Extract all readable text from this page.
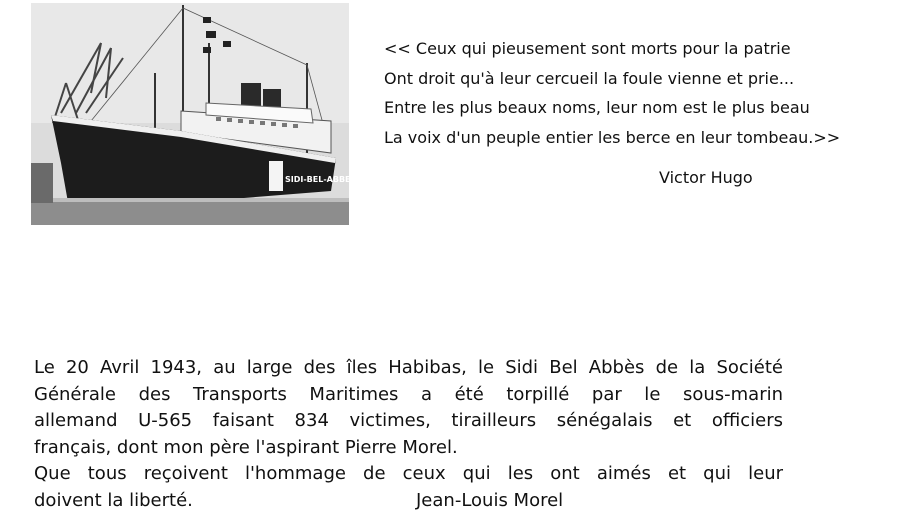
SIDI-BEL-ABBES
<< Ceux qui pieusement sont morts pour la patrie
Ont droit qu'à leur cercueil la foule vienne et prie...
Entre les plus beaux noms, leur nom est le plus beau
La voix d'un peuple entier les berce en leur tombeau.>>
Victor Hugo
Le 20 Avril 1943, au large des îles Habibas, le Sidi Bel Abbès de la Société
Générale des Transports Maritimes a été torpillé par le sous-marin
allemand U-565 faisant 834 victimes, tirailleurs sénégalais et officiers
français, dont mon père l'aspirant Pierre Morel.
Que tous reçoivent l'hommage de ceux qui les ont aimés et qui leur
doivent la liberté.	Jean-Louis Morel
